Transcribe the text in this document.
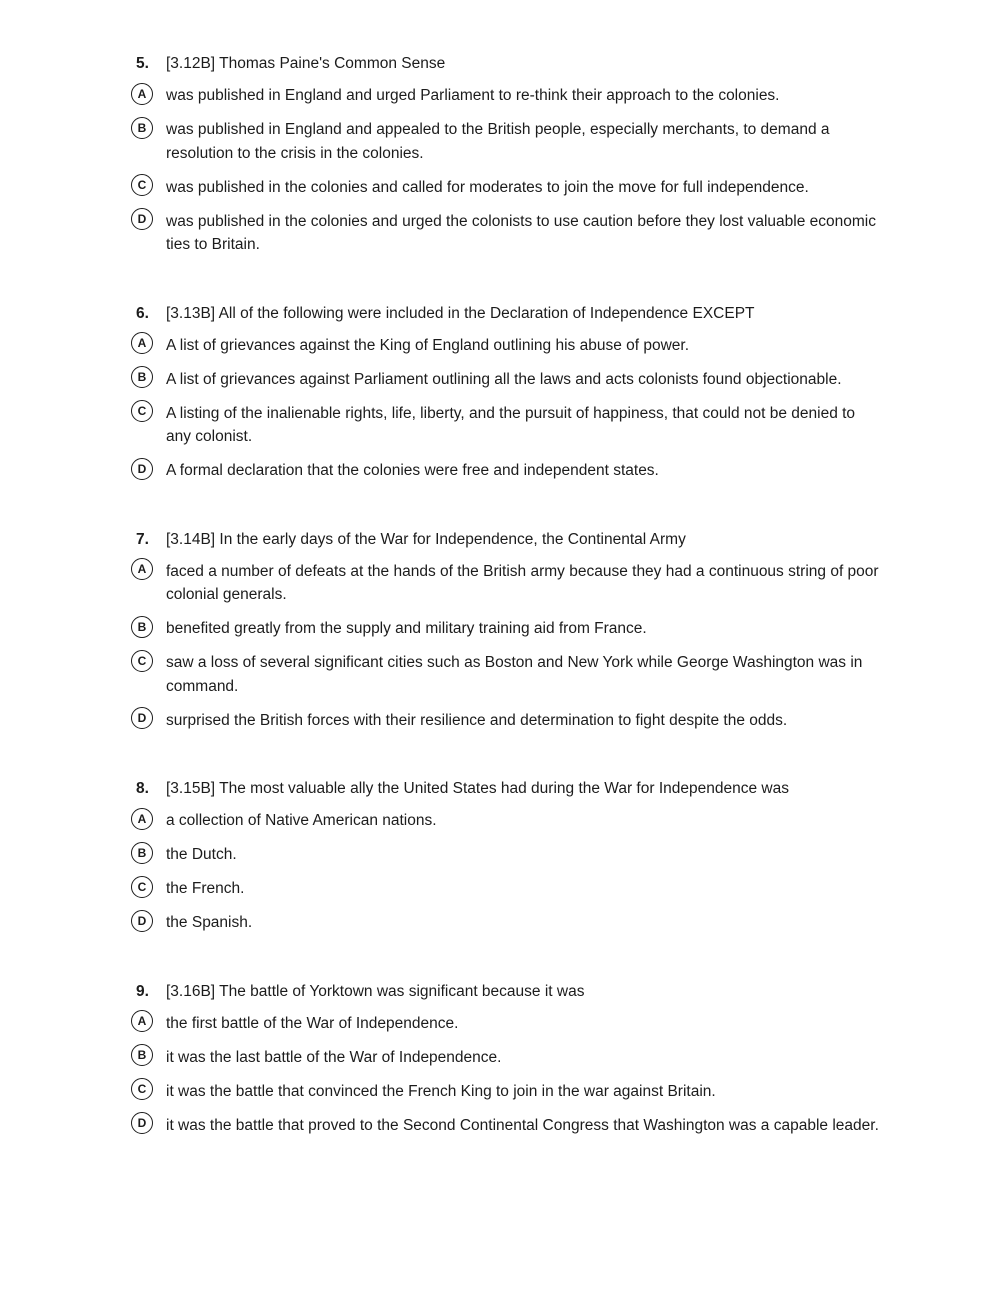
5.	[3.12B] Thomas Paine's Common Sense
A	was published in England and urged Parliament to re-think their approach to the colonies.
B	was published in England and appealed to the British people, especially merchants, to demand a resolution to the crisis in the colonies.
C	was published in the colonies and called for moderates to join the move for full independence.
D	was published in the colonies and urged the colonists to use caution before they lost valuable economic ties to Britain.
6.	[3.13B] All of the following were included in the Declaration of Independence EXCEPT
A	A list of grievances against the King of England outlining his abuse of power.
B	A list of grievances against Parliament outlining all the laws and acts colonists found objectionable.
C	A listing of the inalienable rights, life, liberty, and the pursuit of happiness, that could not be denied to any colonist.
D	A formal declaration that the colonies were free and independent states.
7.	[3.14B] In the early days of the War for Independence, the Continental Army
A	faced a number of defeats at the hands of the British army because they had a continuous string of poor colonial generals.
B	benefited greatly from the supply and military training aid from France.
C	saw a loss of several significant cities such as Boston and New York while George Washington was in command.
D	surprised the British forces with their resilience and determination to fight despite the odds.
8.	[3.15B] The most valuable ally the United States had during the War for Independence was
A	a collection of Native American nations.
B	the Dutch.
C	the French.
D	the Spanish.
9.	[3.16B] The battle of Yorktown was significant because it was
A	the first battle of the War of Independence.
B	it was the last battle of the War of Independence.
C	it was the battle that convinced the French King to join in the war against Britain.
D	it was the battle that proved to the Second Continental Congress that Washington was a capable leader.
